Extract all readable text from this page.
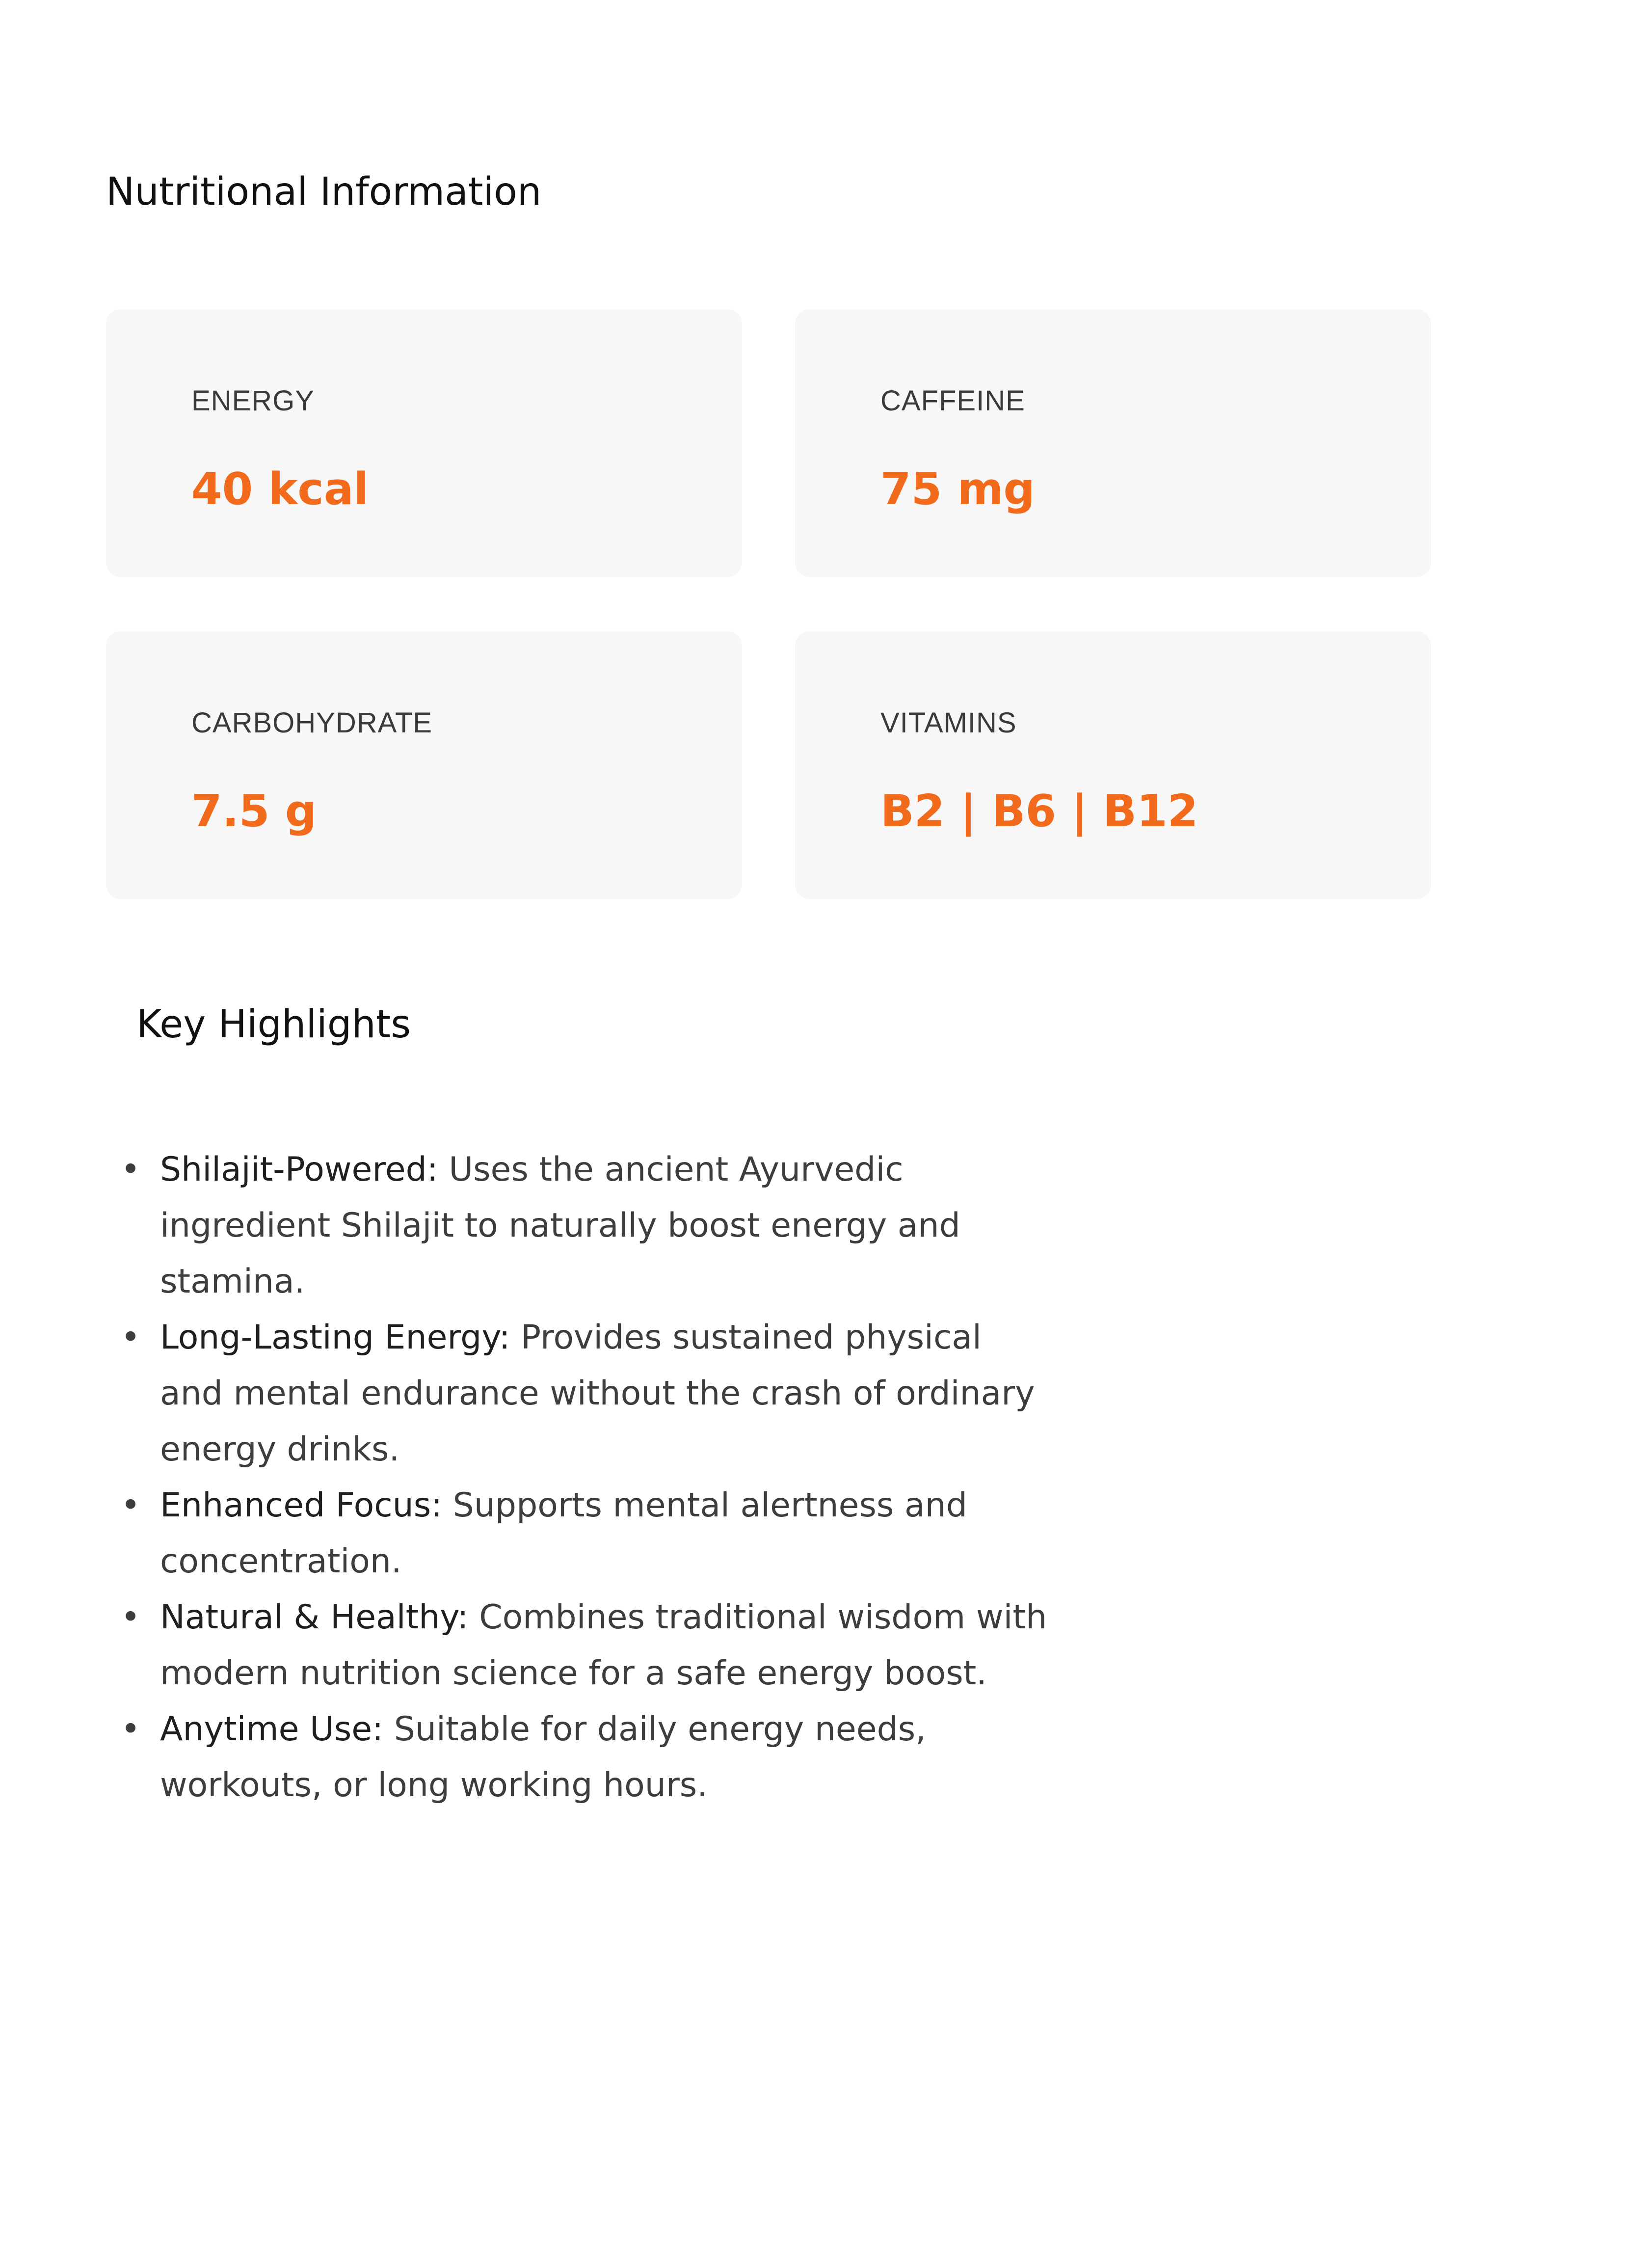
Nutritional Information
ENERGY
40 kcal
CAFFEINE
75 mg
CARBOHYDRATE
7.5 g
VITAMINS
B2 | B6 | B12
Key Highlights
• Shilajit-Powered: Uses the ancient Ayurvedic ingredient Shilajit to naturally boost energy and stamina.
• Long-Lasting Energy: Provides sustained physical and mental endurance without the crash of ordinary energy drinks.
• Enhanced Focus: Supports mental alertness and concentration.
• Natural & Healthy: Combines traditional wisdom with modern nutrition science for a safe energy boost.
• Anytime Use: Suitable for daily energy needs, workouts, or long working hours.
